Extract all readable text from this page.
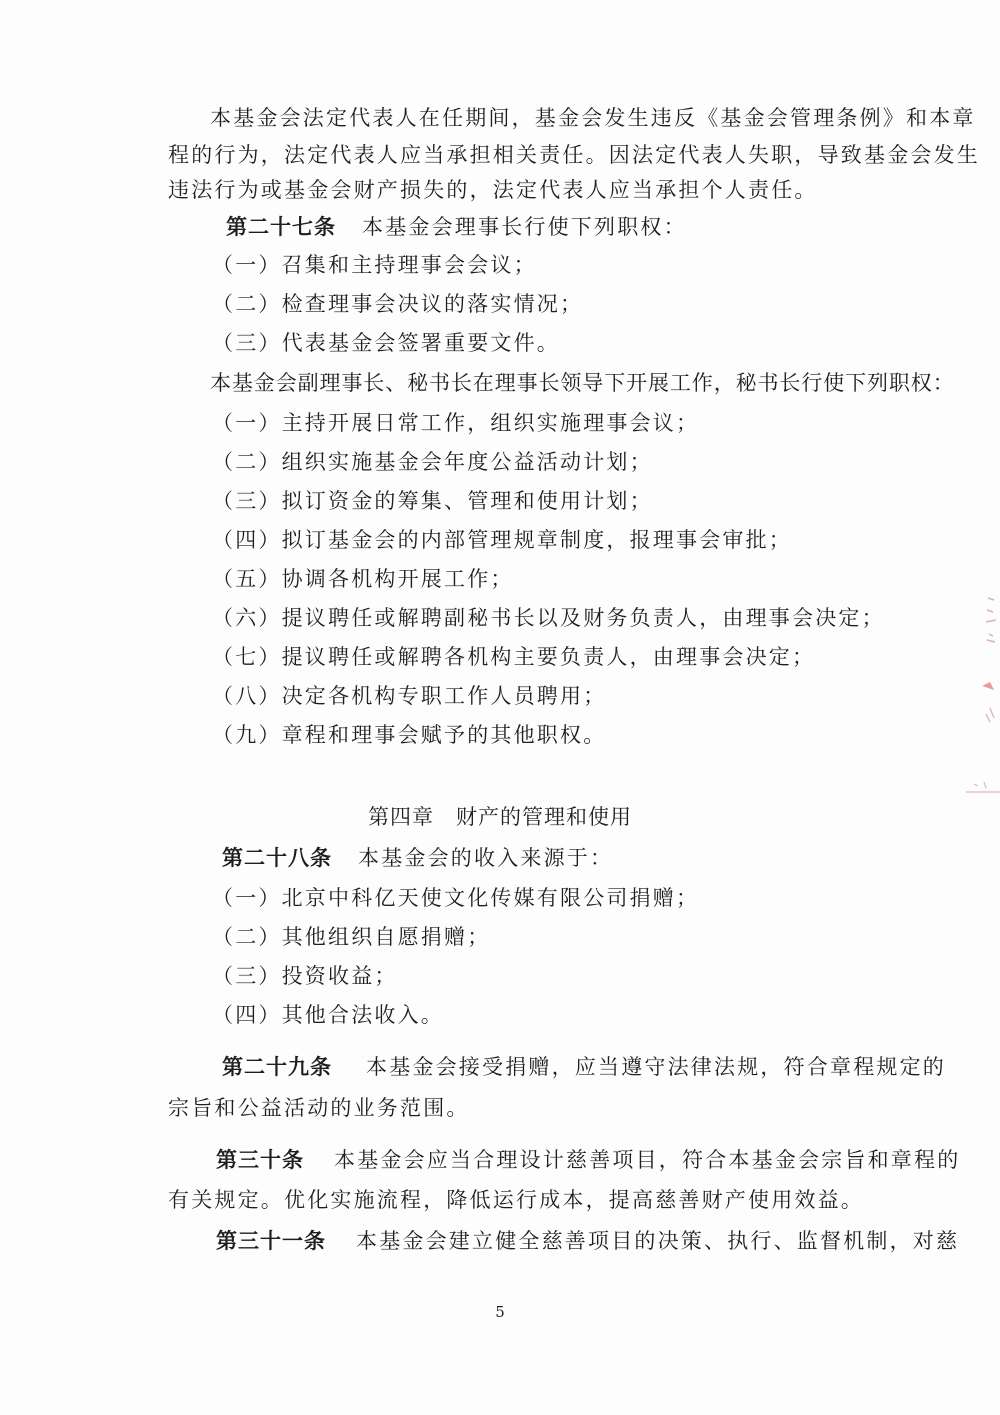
本基金会法定代表人在任期间，基金会发生违反《基金会管理条例》和本章
程的行为，法定代表人应当承担相关责任。因法定代表人失职，导致基金会发生
违法行为或基金会财产损失的，法定代表人应当承担个人责任。
第二十七条 本基金会理事长行使下列职权：
（一）召集和主持理事会会议；
（二）检查理事会决议的落实情况；
（三）代表基金会签署重要文件。
本基金会副理事长、秘书长在理事长领导下开展工作，秘书长行使下列职权：
（一）主持开展日常工作，组织实施理事会议；
（二）组织实施基金会年度公益活动计划；
（三）拟订资金的筹集、管理和使用计划；
（四）拟订基金会的内部管理规章制度，报理事会审批；
（五）协调各机构开展工作；
（六）提议聘任或解聘副秘书长以及财务负责人，由理事会决定；
（七）提议聘任或解聘各机构主要负责人，由理事会决定；
（八）决定各机构专职工作人员聘用；
（九）章程和理事会赋予的其他职权。
第四章　财产的管理和使用
第二十八条 本基金会的收入来源于：
（一）北京中科亿天使文化传媒有限公司捐赠；
（二）其他组织自愿捐赠；
（三）投资收益；
（四）其他合法收入。
第二十九条 本基金会接受捐赠，应当遵守法律法规，符合章程规定的
宗旨和公益活动的业务范围。
第三十条 本基金会应当合理设计慈善项目，符合本基金会宗旨和章程的
有关规定。优化实施流程，降低运行成本，提高慈善财产使用效益。
第三十一条 本基金会建立健全慈善项目的决策、执行、监督机制，对慈
5
